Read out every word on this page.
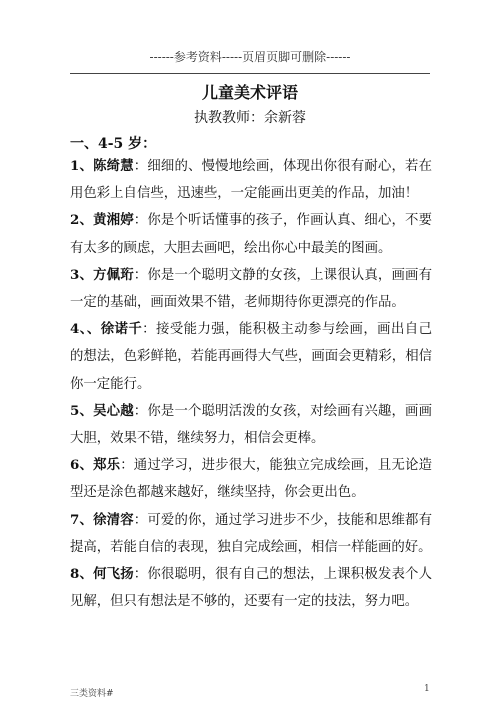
------参考资料-----页眉页脚可删除------
儿童美术评语
执教教师：余新蓉
一、4-5 岁：

1、陈绮慧：细细的、慢慢地绘画，体现出你很有耐心，若在用色彩上自信些，迅速些，一定能画出更美的作品，加油！

2、黄湘婷：你是个听话懂事的孩子，作画认真、细心，不要有太多的顾虑，大胆去画吧，绘出你心中最美的图画。

3、方佩珩：你是一个聪明文静的女孩，上课很认真，画画有一定的基础，画面效果不错，老师期待你更漂亮的作品。

4、、徐诺千：接受能力强，能积极主动参与绘画，画出自己的想法，色彩鲜艳，若能再画得大气些，画面会更精彩，相信你一定能行。

5、吴心越：你是一个聪明活泼的女孩，对绘画有兴趣，画画大胆，效果不错，继续努力，相信会更棒。

6、郑乐：通过学习，进步很大，能独立完成绘画，且无论造型还是涂色都越来越好，继续坚持，你会更出色。

7、徐清容：可爱的你，通过学习进步不少，技能和思维都有提高，若能自信的表现，独自完成绘画，相信一样能画的好。

8、何飞扬：你很聪明，很有自己的想法，上课积极发表个人见解，但只有想法是不够的，还要有一定的技法，努力吧。

三类资料#	1
